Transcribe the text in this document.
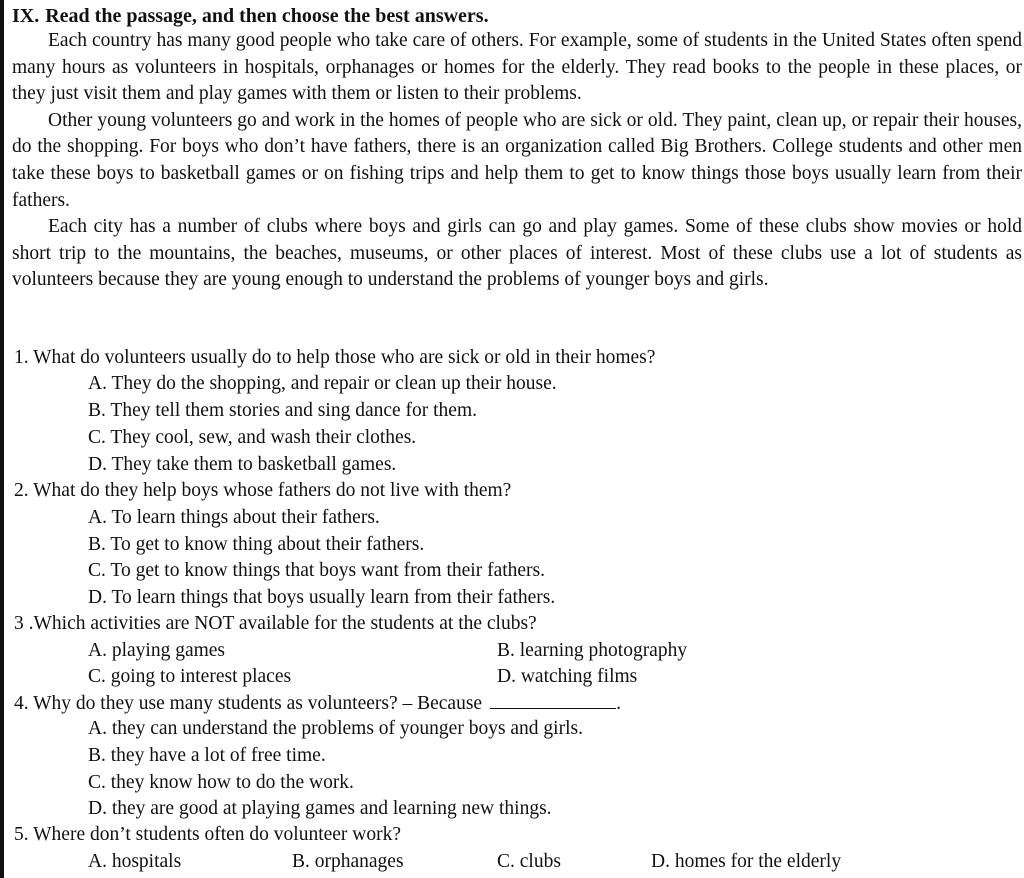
IX. Read the passage, and then choose the best answers.

Each country has many good people who take care of others. For example, some of students in the United States often spend many hours as volunteers in hospitals, orphanages or homes for the elderly. They read books to the people in these places, or they just visit them and play games with them or listen to their problems.

Other young volunteers go and work in the homes of people who are sick or old. They paint, clean up, or repair their houses, do the shopping. For boys who don’t have fathers, there is an organization called Big Brothers. College students and other men take these boys to basketball games or on fishing trips and help them to get to know things those boys usually learn from their fathers.

Each city has a number of clubs where boys and girls can go and play games. Some of these clubs show movies or hold short trip to the mountains, the beaches, museums, or other places of interest. Most of these clubs use a lot of students as volunteers because they are young enough to understand the problems of younger boys and girls.

1. What do volunteers usually do to help those who are sick or old in their homes?
A. They do the shopping, and repair or clean up their house.
B. They tell them stories and sing dance for them.
C. They cool, sew, and wash their clothes.
D. They take them to basketball games.
2. What do they help boys whose fathers do not live with them?
A. To learn things about their fathers.
B. To get to know thing about their fathers.
C. To get to know things that boys want from their fathers.
D. To learn things that boys usually learn from their fathers.
3 .Which activities are NOT available for the students at the clubs?
A. playing games	B. learning photography
C. going to interest places	D. watching films
4. Why do they use many students as volunteers? – Because	.
A. they can understand the problems of younger boys and girls.
B. they have a lot of free time.
C. they know how to do the work.
D. they are good at playing games and learning new things.
5. Where don’t students often do volunteer work?
A. hospitals	B. orphanages	C. clubs	D. homes for the elderly
